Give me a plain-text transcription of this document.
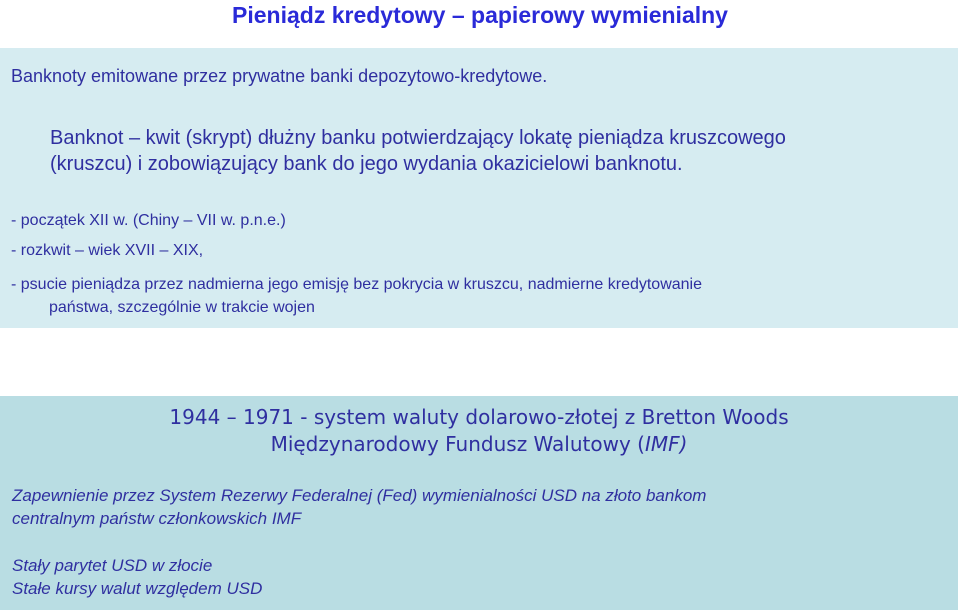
Pieniądz kredytowy – papierowy wymienialny
Banknoty emitowane przez prywatne banki depozytowo-kredytowe.
Banknot – kwit (skrypt) dłużny banku potwierdzający lokatę pieniądza kruszcowego
(kruszcu) i zobowiązujący bank do jego wydania okazicielowi banknotu.
- początek XII w. (Chiny – VII w. p.n.e.)
- rozkwit – wiek XVII – XIX,
- psucie pieniądza przez nadmierna jego emisję bez pokrycia w kruszcu, nadmierne kredytowanie
państwa, szczególnie w trakcie wojen
1944 – 1971 - system waluty dolarowo-złotej z Bretton Woods
Międzynarodowy Fundusz Walutowy (IMF)
Zapewnienie przez System Rezerwy Federalnej (Fed) wymienialności USD na złoto bankom
centralnym państw członkowskich IMF
Stały parytet USD w złocie
Stałe kursy walut względem USD
